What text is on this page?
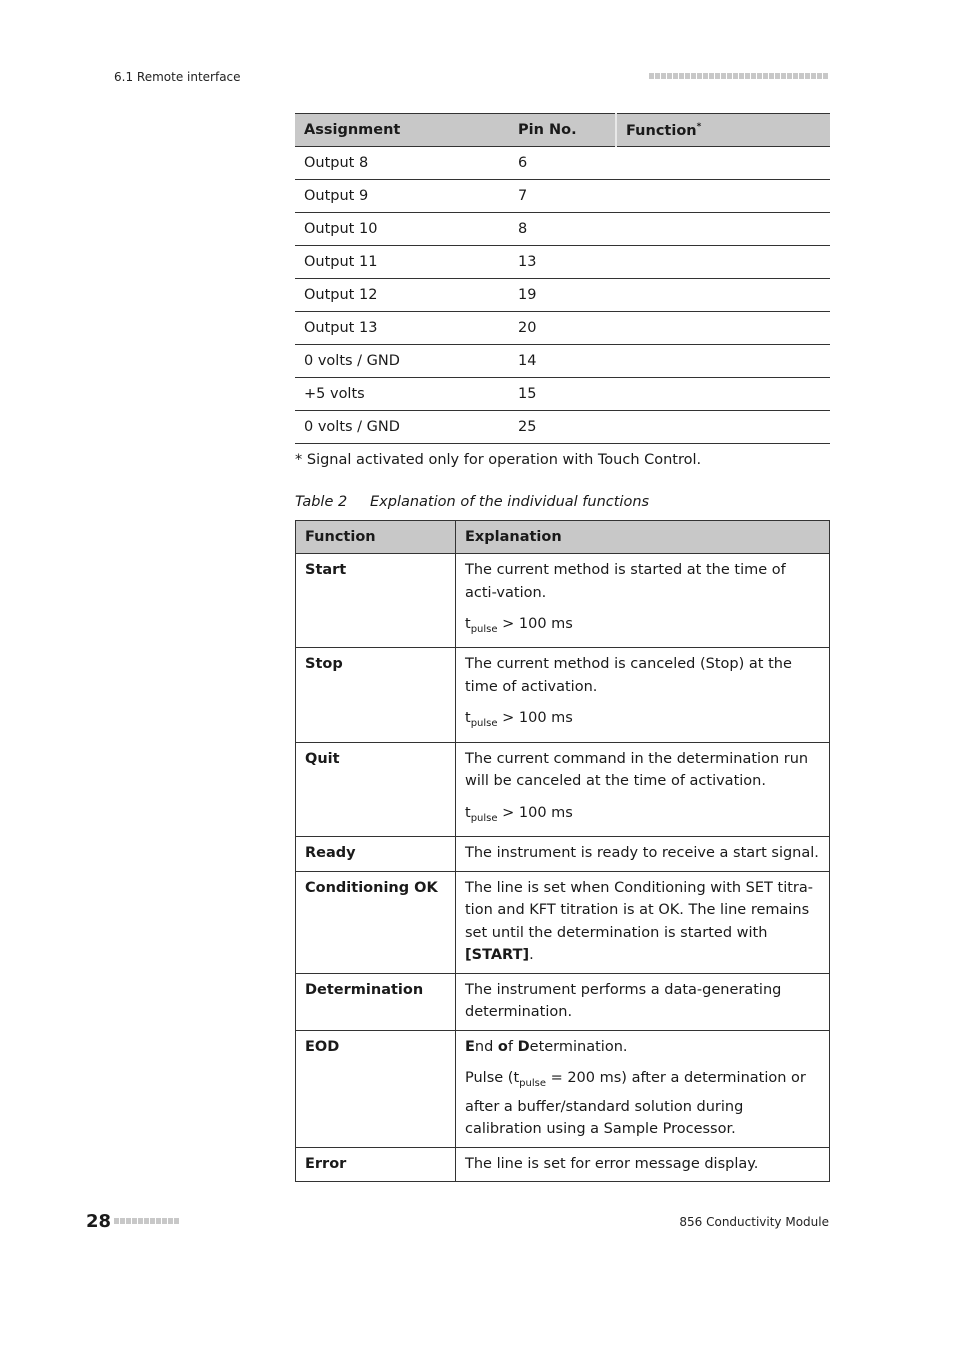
6.1 Remote interface
Assignment	Pin No.	Function*
Output 8	6	
Output 9	7	
Output 10	8	
Output 11	13	
Output 12	19	
Output 13	20	
0 volts / GND	14	
+5 volts	15	
0 volts / GND	25	
* Signal activated only for operation with Touch Control.
Table 2 Explanation of the individual functions
Function	Explanation
Start	The current method is started at the time of acti-vation.

$t_{pulse} > 100$ ms

Stop	The current method is canceled (Stop) at the time of activation.

$t_{pulse} > 100$ ms

Quit	The current command in the determination run will be canceled at the time of activation.

$t_{pulse} > 100$ ms

Ready	The instrument is ready to receive a start signal.

Conditioning OK	The line is set when Conditioning with SET titra-tion and KFT titration is at OK. The line remains set until the determination is started with [START].

Determination	The instrument performs a data-generating determination.

EOD	End of Determination.

Pulse ($t_{pulse} = 200$ ms) after a determination or after a buffer/standard solution during calibration using a Sample Processor.

Error	The line is set for error message display.

28	856 Conductivity Module
